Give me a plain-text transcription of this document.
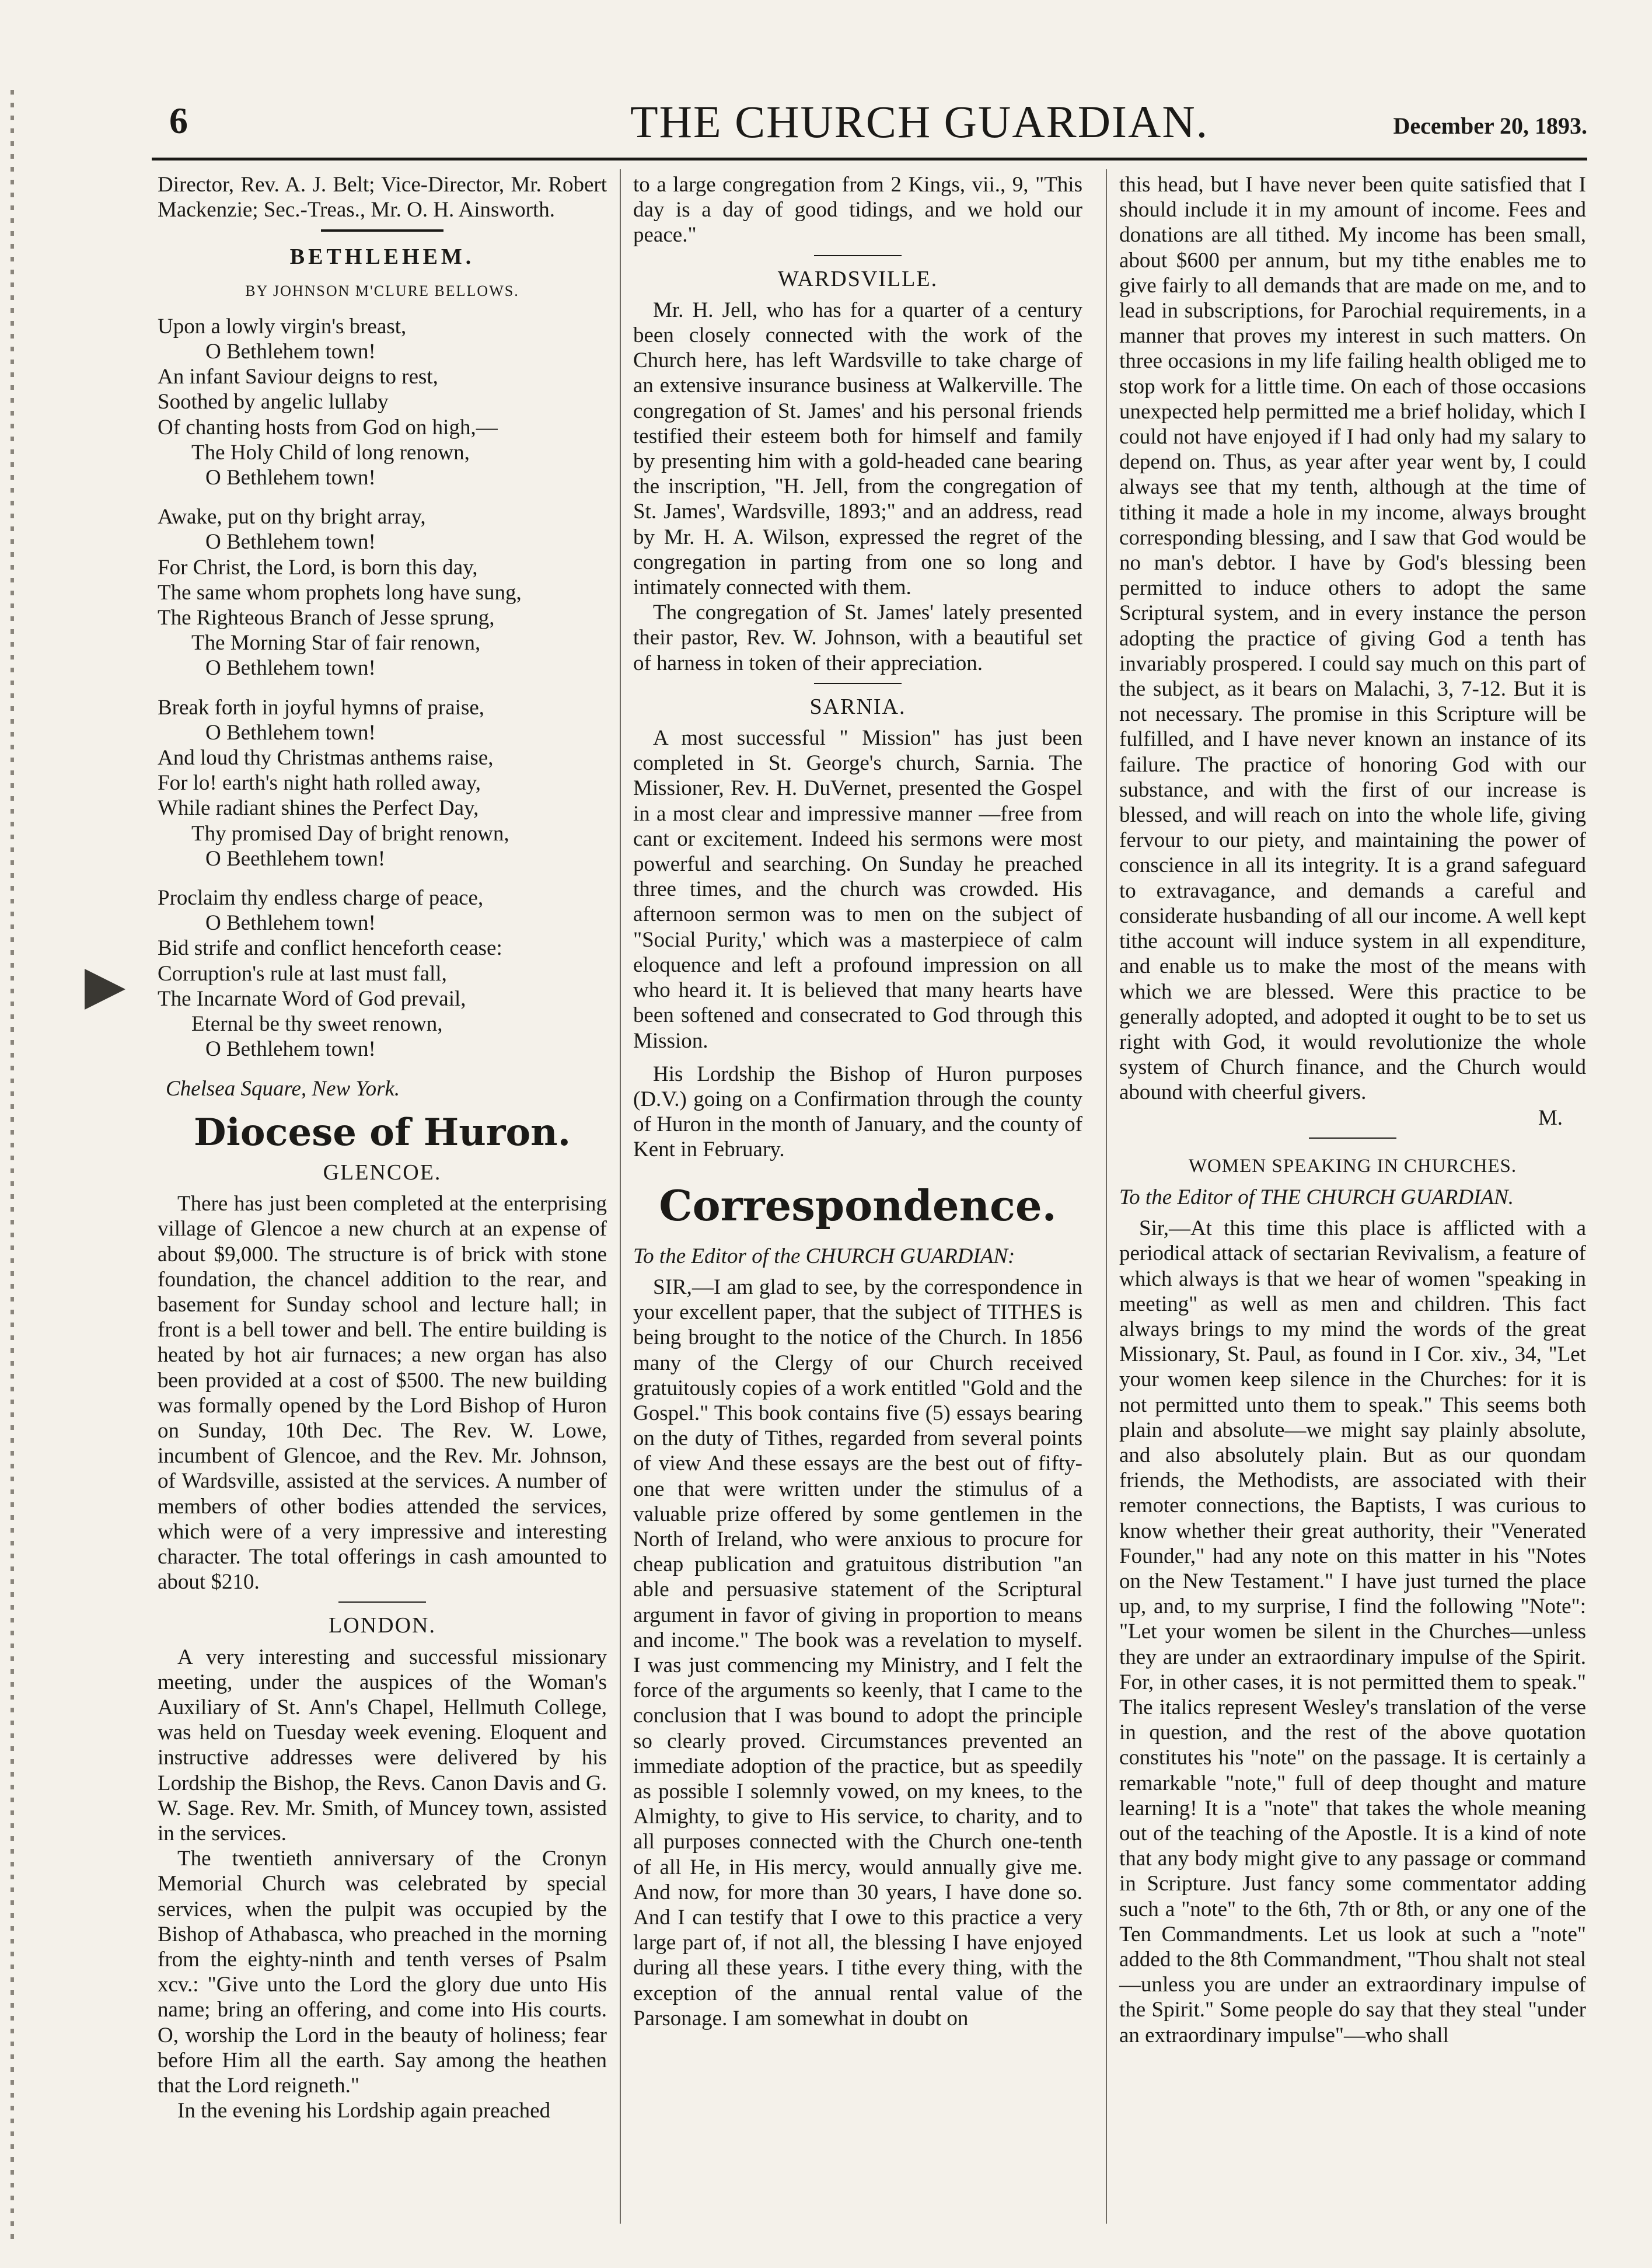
6	THE CHURCH GUARDIAN.	December 20, 1893.

Director, Rev. A. J. Belt; Vice-Director, Mr. Robert Mackenzie; Sec.-Treas., Mr. O. H. Ainsworth.

BETHLEHEM.
BY JOHNSON M'CLURE BELLOWS.
Upon a lowly virgin's breast,
O Bethlehem town!
An infant Saviour deigns to rest,
Soothed by angelic lullaby
Of chanting hosts from God on high,—
The Holy Child of long renown,
O Bethlehem town!
Awake, put on thy bright array,
O Bethlehem town!
For Christ, the Lord, is born this day,
The same whom prophets long have sung,
The Righteous Branch of Jesse sprung,
The Morning Star of fair renown,
O Bethlehem town!
Break forth in joyful hymns of praise,
O Bethlehem town!
And loud thy Christmas anthems raise,
For lo! earth's night hath rolled away,
While radiant shines the Perfect Day,
Thy promised Day of bright renown,
O Beethlehem town!
Proclaim thy endless charge of peace,
O Bethlehem town!
Bid strife and conflict henceforth cease:
Corruption's rule at last must fall,
The Incarnate Word of God prevail,
Eternal be thy sweet renown,
O Bethlehem town!
Chelsea Square, New York.
Diocese of Huron.
GLENCOE.

There has just been completed at the enterprising village of Glencoe a new church at an expense of about $9,000. The structure is of brick with stone foundation, the chancel addition to the rear, and basement for Sunday school and lecture hall; in front is a bell tower and bell. The entire building is heated by hot air furnaces; a new organ has also been provided at a cost of $500. The new building was formally opened by the Lord Bishop of Huron on Sunday, 10th Dec. The Rev. W. Lowe, incumbent of Glencoe, and the Rev. Mr. Johnson, of Wardsville, assisted at the services. A number of members of other bodies attended the services, which were of a very impressive and interesting character. The total offerings in cash amounted to about $210.

LONDON.

A very interesting and successful missionary meeting, under the auspices of the Woman's Auxiliary of St. Ann's Chapel, Hellmuth College, was held on Tuesday week evening. Eloquent and instructive addresses were delivered by his Lordship the Bishop, the Revs. Canon Davis and G. W. Sage. Rev. Mr. Smith, of Muncey town, assisted in the services.

The twentieth anniversary of the Cronyn Memorial Church was celebrated by special services, when the pulpit was occupied by the Bishop of Athabasca, who preached in the morning from the eighty-ninth and tenth verses of Psalm xcv.: "Give unto the Lord the glory due unto His name; bring an offering, and come into His courts. O, worship the Lord in the beauty of holiness; fear before Him all the earth. Say among the heathen that the Lord reigneth."

In the evening his Lordship again preached

to a large congregation from 2 Kings, vii., 9, "This day is a day of good tidings, and we hold our peace."

WARDSVILLE.

Mr. H. Jell, who has for a quarter of a century been closely connected with the work of the Church here, has left Wardsville to take charge of an extensive insurance business at Walkerville. The congregation of St. James' and his personal friends testified their esteem both for himself and family by presenting him with a gold-headed cane bearing the inscription, "H. Jell, from the congregation of St. James', Wardsville, 1893;" and an address, read by Mr. H. A. Wilson, expressed the regret of the congregation in parting from one so long and intimately connected with them.

The congregation of St. James' lately presented their pastor, Rev. W. Johnson, with a beautiful set of harness in token of their appreciation.

SARNIA.

A most successful " Mission" has just been completed in St. George's church, Sarnia. The Missioner, Rev. H. DuVernet, presented the Gospel in a most clear and impressive manner —free from cant or excitement. Indeed his sermons were most powerful and searching. On Sunday he preached three times, and the church was crowded. His afternoon sermon was to men on the subject of "Social Purity,' which was a masterpiece of calm eloquence and left a profound impression on all who heard it. It is believed that many hearts have been softened and consecrated to God through this Mission.

His Lordship the Bishop of Huron purposes (D.V.) going on a Confirmation through the county of Huron in the month of January, and the county of Kent in February.

Correspondence.

To the Editor of the CHURCH GUARDIAN:

SIR,—I am glad to see, by the correspondence in your excellent paper, that the subject of TITHES is being brought to the notice of the Church. In 1856 many of the Clergy of our Church received gratuitously copies of a work entitled "Gold and the Gospel." This book contains five (5) essays bearing on the duty of Tithes, regarded from several points of view And these essays are the best out of fifty-one that were written under the stimulus of a valuable prize offered by some gentlemen in the North of Ireland, who were anxious to procure for cheap publication and gratuitous distribution "an able and persuasive statement of the Scriptural argument in favor of giving in proportion to means and income." The book was a revelation to myself. I was just commencing my Ministry, and I felt the force of the arguments so keenly, that I came to the conclusion that I was bound to adopt the principle so clearly proved. Circumstances prevented an immediate adoption of the practice, but as speedily as possible I solemnly vowed, on my knees, to the Almighty, to give to His service, to charity, and to all purposes connected with the Church one-tenth of all He, in His mercy, would annually give me. And now, for more than 30 years, I have done so. And I can testify that I owe to this practice a very large part of, if not all, the blessing I have enjoyed during all these years. I tithe every thing, with the exception of the annual rental value of the Parsonage. I am somewhat in doubt on

this head, but I have never been quite satisfied that I should include it in my amount of income. Fees and donations are all tithed. My income has been small, about $600 per annum, but my tithe enables me to give fairly to all demands that are made on me, and to lead in subscriptions, for Parochial requirements, in a manner that proves my interest in such matters. On three occasions in my life failing health obliged me to stop work for a little time. On each of those occasions unexpected help permitted me a brief holiday, which I could not have enjoyed if I had only had my salary to depend on. Thus, as year after year went by, I could always see that my tenth, although at the time of tithing it made a hole in my income, always brought corresponding blessing, and I saw that God would be no man's debtor. I have by God's blessing been permitted to induce others to adopt the same Scriptural system, and in every instance the person adopting the practice of giving God a tenth has invariably prospered. I could say much on this part of the subject, as it bears on Malachi, 3, 7-12. But it is not necessary. The promise in this Scripture will be fulfilled, and I have never known an instance of its failure. The practice of honoring God with our substance, and with the first of our increase is blessed, and will reach on into the whole life, giving fervour to our piety, and maintaining the power of conscience in all its integrity. It is a grand safeguard to extravagance, and demands a careful and considerate husbanding of all our income. A well kept tithe account will induce system in all expenditure, and enable us to make the most of the means with which we are blessed. Were this practice to be generally adopted, and adopted it ought to be to set us right with God, it would revolutionize the whole system of Church finance, and the Church would abound with cheerful givers.

M.
WOMEN SPEAKING IN CHURCHES.

To the Editor of THE CHURCH GUARDIAN.

Sir,—At this time this place is afflicted with a periodical attack of sectarian Revivalism, a feature of which always is that we hear of women "speaking in meeting" as well as men and children. This fact always brings to my mind the words of the great Missionary, St. Paul, as found in I Cor. xiv., 34, "Let your women keep silence in the Churches: for it is not permitted unto them to speak." This seems both plain and absolute—we might say plainly absolute, and also absolutely plain. But as our quondam friends, the Methodists, are associated with their remoter connections, the Baptists, I was curious to know whether their great authority, their "Venerated Founder," had any note on this matter in his "Notes on the New Testament." I have just turned the place up, and, to my surprise, I find the following "Note": "Let your women be silent in the Churches—unless they are under an extraordinary impulse of the Spirit. For, in other cases, it is not permitted them to speak." The italics represent Wesley's translation of the verse in question, and the rest of the above quotation constitutes his "note" on the passage. It is certainly a remarkable "note," full of deep thought and mature learning! It is a "note" that takes the whole meaning out of the teaching of the Apostle. It is a kind of note that any body might give to any passage or command in Scripture. Just fancy some commentator adding such a "note" to the 6th, 7th or 8th, or any one of the Ten Commandments. Let us look at such a "note" added to the 8th Commandment, "Thou shalt not steal—unless you are under an extraordinary impulse of the Spirit." Some people do say that they steal "under an extraordinary impulse"—who shall
